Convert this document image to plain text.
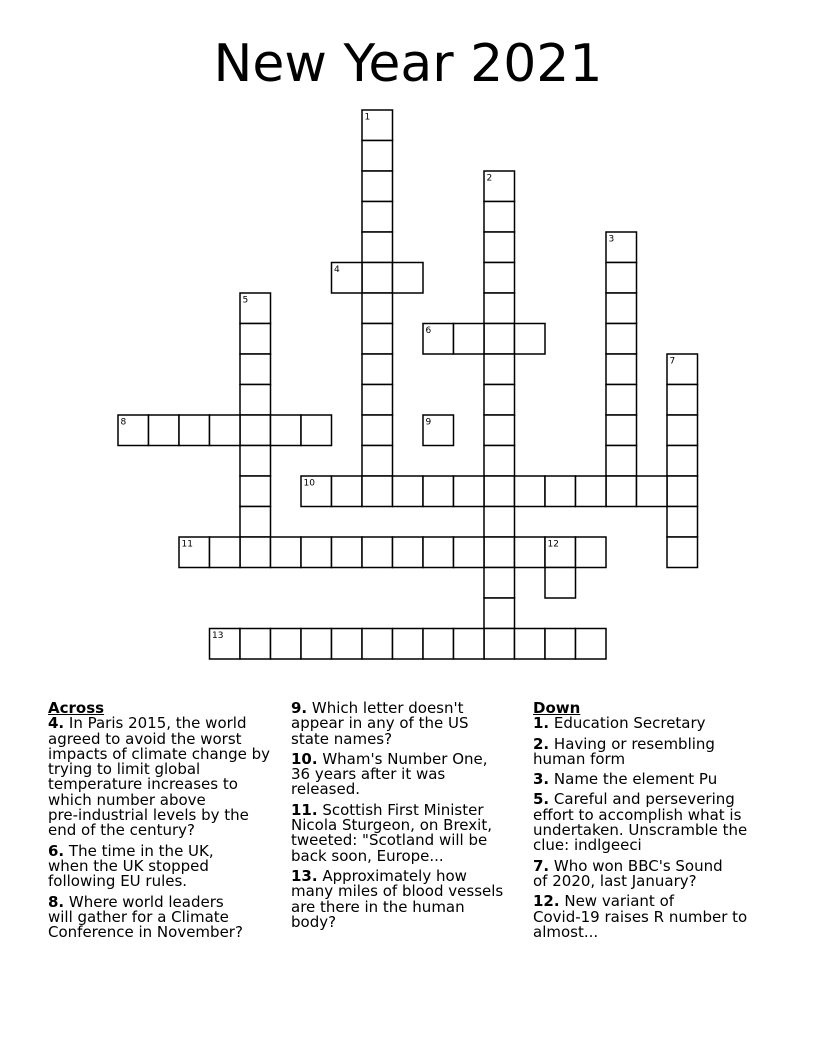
New Year 2021
1
2
3
4
5
6
7
8	9
10
11	12
13
Across
4. In Paris 2015, the world
agreed to avoid the worst
impacts of climate change by
trying to limit global
temperature increases to
which number above
pre-industrial levels by the
end of the century?
6. The time in the UK,
when the UK stopped
following EU rules.
8. Where world leaders
will gather for a Climate
Conference in November?
9. Which letter doesn't
appear in any of the US
state names?
10. Wham's Number One,
36 years after it was
released.
11. Scottish First Minister
Nicola Sturgeon, on Brexit,
tweeted: "Scotland will be
back soon, Europe...
13. Approximately how
many miles of blood vessels
are there in the human
body?
Down
1. Education Secretary
2. Having or resembling
human form
3. Name the element Pu
5. Careful and persevering
effort to accomplish what is
undertaken. Unscramble the
clue: indlgeeci
7. Who won BBC's Sound
of 2020, last January?
12. New variant of
Covid-19 raises R number to
almost...
